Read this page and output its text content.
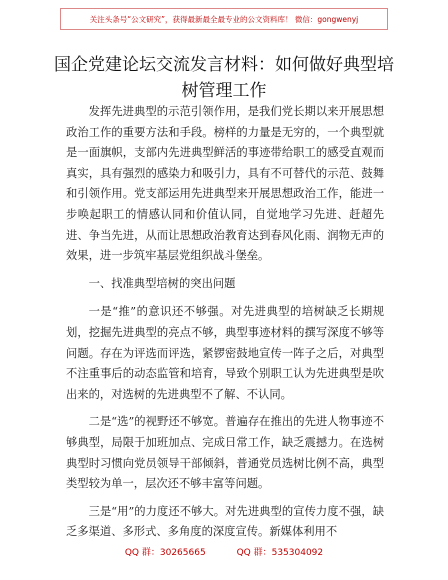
关注头条号“公文研究”，获得最新最全最专业的公文资料库！ 微信：gongwenyj
国企党建论坛交流发言材料：如何做好典型培树管理工作

发挥先进典型的示范引领作用，是我们党长期以来开展思想政治工作的重要方法和手段。榜样的力量是无穷的，一个典型就是一面旗帜，支部内先进典型鲜活的事迹带给职工的感受直观而真实，具有强烈的感染力和吸引力，具有不可替代的示范、鼓舞和引领作用。党支部运用先进典型来开展思想政治工作，能进一步唤起职工的情感认同和价值认同，自觉地学习先进、赶超先进、争当先进，从而让思想政治教育达到春风化雨、润物无声的效果，进一步筑牢基层党组织战斗堡垒。

一、找准典型培树的突出问题

一是“推”的意识还不够强。对先进典型的培树缺乏长期规划，挖掘先进典型的亮点不够，典型事迹材料的撰写深度不够等问题。存在为评选而评选，紧锣密鼓地宣传一阵子之后，对典型不注重事后的动态监管和培育，导致个别职工认为先进典型是吹出来的，对选树的先进典型不了解、不认同。

二是“选”的视野还不够宽。普遍存在推出的先进人物事迹不够典型，局限于加班加点、完成日常工作，缺乏震撼力。在选树典型时习惯向党员领导干部倾斜，普通党员选树比例不高，典型类型较为单一，层次还不够丰富等问题。

三是“用”的力度还不够大。对先进典型的宣传力度不强，缺乏多渠道、多形式、多角度的深度宣传。新媒体利用不

QQ 群：30265665	QQ 群：535304092
